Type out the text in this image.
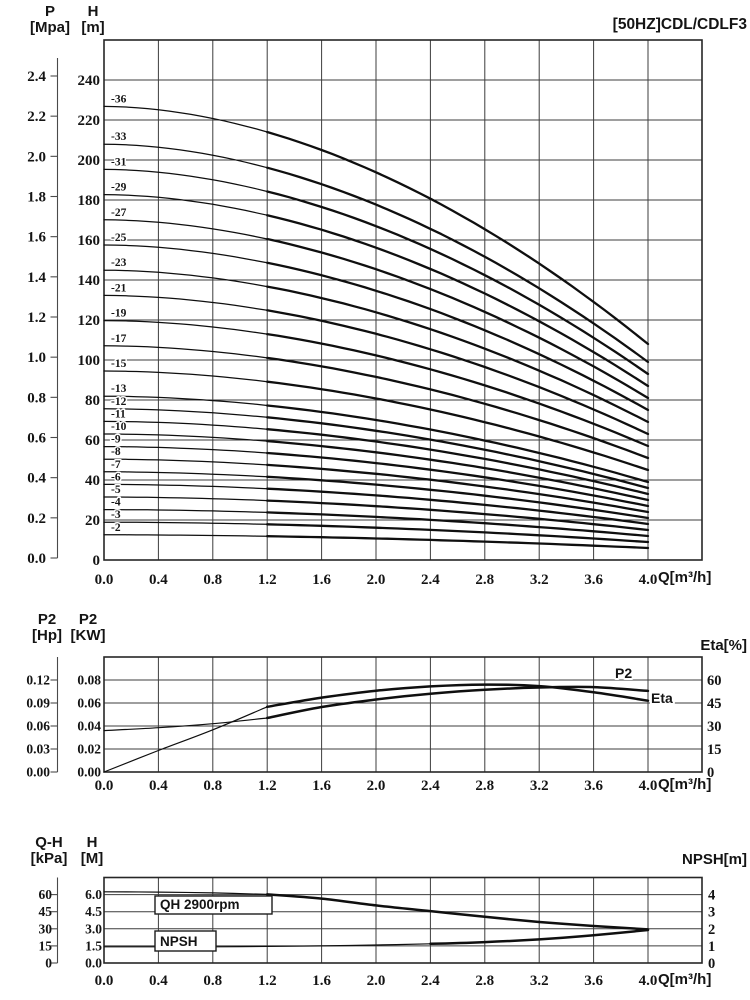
2.4
2.2
2.0
1.8
1.6
1.4
1.2
1.0
0.8
0.6
0.4
0.2
0.0
240
220
200
180
160
140
120
100
80
60
40
20
0
-36
-33
-31
-29
-27
-25
-23
-21
-19
-17
-15
-13
-12
-11
-10
-9
-8
-7
-6
-5
-4
-3
-2
0.0 0.4 0.8 1.2 1.6 2.0 2.4 2.8 3.2 3.6 4.0
0.0 0.4 0.8 1.2 1.6 2.0 2.4 2.8 3.2 3.6 4.0
0.0 0.4 0.8 1.2 1.6 2.0 2.4 2.8 3.2 3.6 4.0
0.12
0.09
0.06
0.03
0.00
0.08
0.06
0.04
0.02
0.00
60
45
30
15
0
P2
Eta
60
45
30
15
0
6.0
4.5
3.0
1.5
0.0
4
3
2
1
0
QH 2900rpm
NPSH
P
[Mpa]
H
[m]	[50HZ]CDL/CDLF3
Q[m³/h]
P2
[Hp]
P2
[KW]
Eta[%]
Q[m³/h]
Q-H
[kPa]
H
[M]	NPSH[m]
Q[m³/h]
